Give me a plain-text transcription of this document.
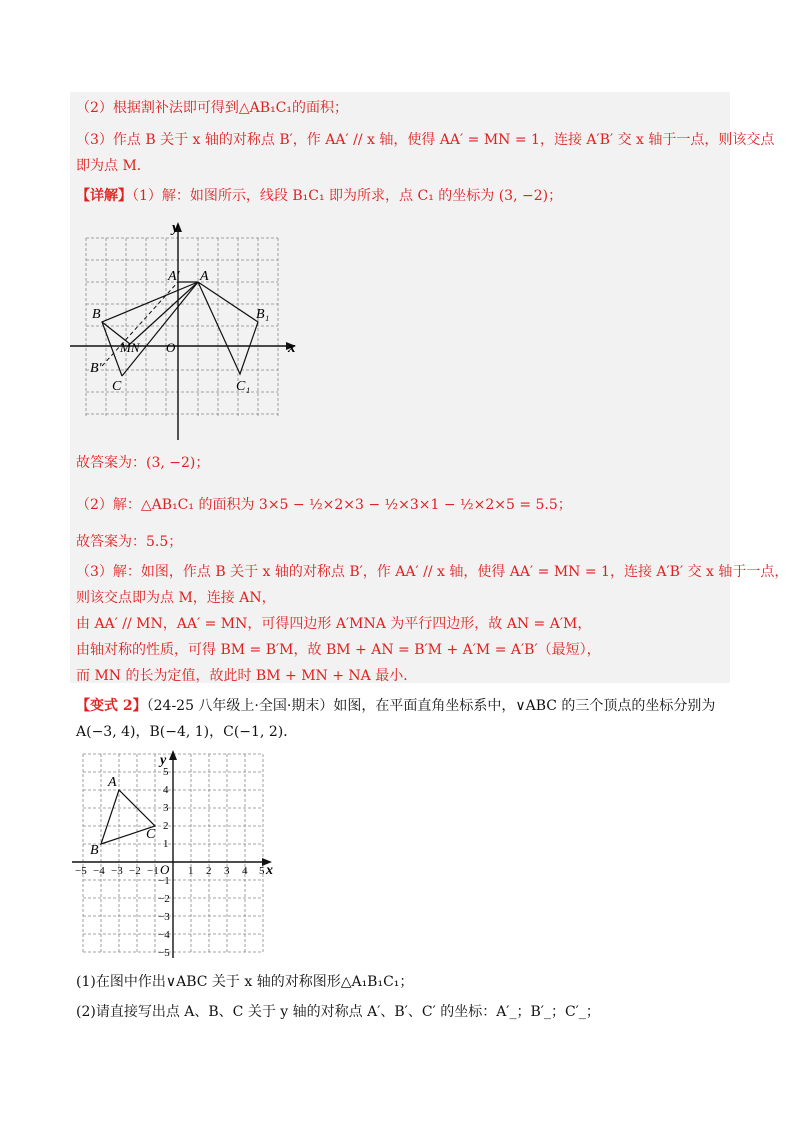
（2）根据割补法即可得到△AB₁C₁的面积；
（3）作点 B 关于 x 轴的对称点 B′，作 AA′ // x 轴，使得 AA′ = MN = 1，连接 A′B′ 交 x 轴于一点，则该交点
即为点 M．
【详解】（1）解：如图所示，线段 B₁C₁ 即为所求，点 C₁ 的坐标为 (3, −2)；
y
x
O
A
A′
B
B′
B₁
C	C₁
MN
故答案为：(3, −2)；
（2）解：△AB₁C₁ 的面积为 3×5 − ½×2×3 − ½×3×1 − ½×2×5 = 5.5；
故答案为：5.5；
（3）解：如图，作点 B 关于 x 轴的对称点 B′，作 AA′ // x 轴，使得 AA′ = MN = 1，连接 A′B′ 交 x 轴于一点，
则该交点即为点 M，连接 AN，
由 AA′ // MN，AA′ = MN，可得四边形 A′MNA 为平行四边形，故 AN = A′M，
由轴对称的性质，可得 BM = B′M，故 BM + AN = B′M + A′M = A′B′（最短），
而 MN 的长为定值，故此时 BM + MN + NA 最小．
【变式 2】（24-25 八年级上·全国·期末）如图，在平面直角坐标系中，∨ABC 的三个顶点的坐标分别为
A(−3, 4)，B(−4, 1)，C(−1, 2)．
y
x
O
A
B
C
−5 −4 −3 −2 −1	1 2 3 4 5
5
4
3
2
1
−1
−2
−3
−4
−5
(1)在图中作出∨ABC 关于 x 轴的对称图形△A₁B₁C₁；
(2)请直接写出点 A、B、C 关于 y 轴的对称点 A′、B′、C′ 的坐标：A′_；B′_；C′_；
